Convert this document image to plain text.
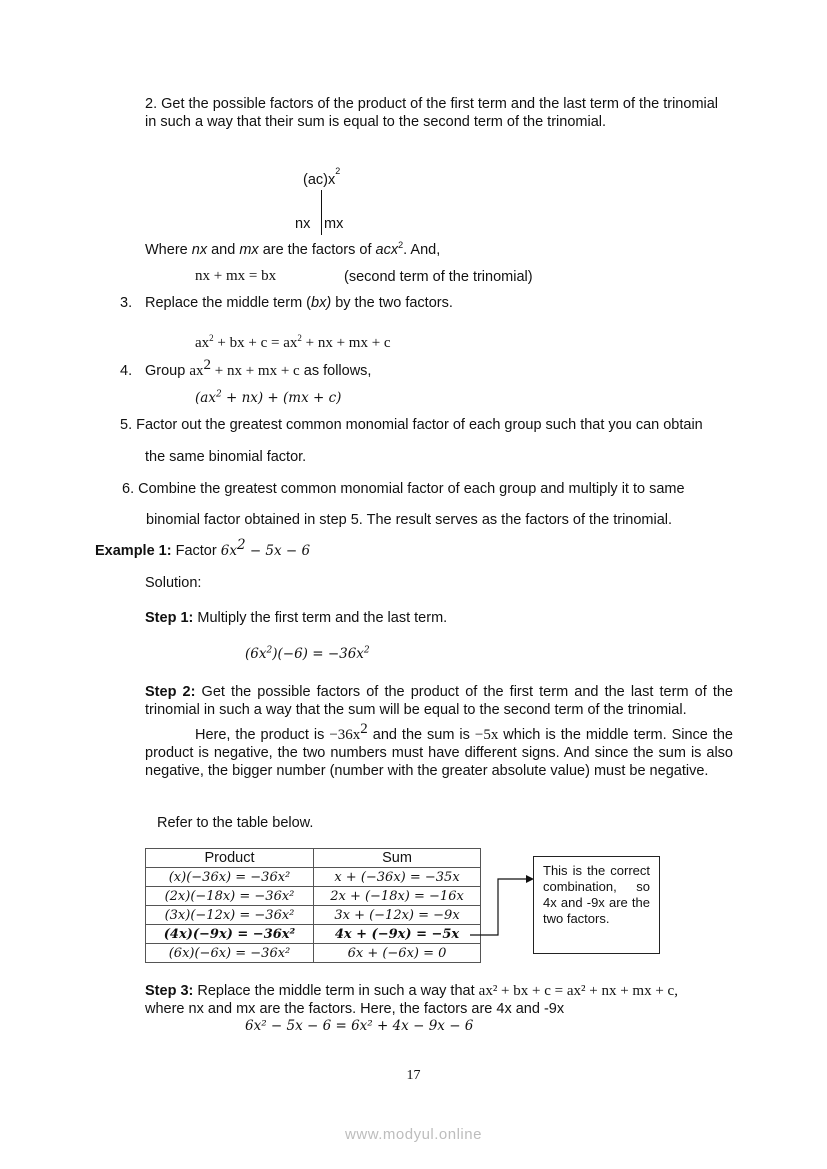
2. Get the possible factors of the product of the first term and the last term of the trinomial
in such a way that their sum is equal to the second term of the trinomial.
$(ac)x^2$
nx mx
Where nx and mx are the factors of acx$^2$. And,
nx + mx = bx	(second term of the trinomial)
3. Replace the middle term (bx) by the two factors.
$ax^2$ + bx + $c = ax^2$ + nx + mx + c
4. Group $ax^2$ + nx + mx + c as follows,
$(ax^2 + nx) + (mx + c)$
5. Factor out the greatest common monomial factor of each group such that you can obtain
the same binomial factor.
6. Combine the greatest common monomial factor of each group and multiply it to same
binomial factor obtained in step 5. The result serves as the factors of the trinomial.
Example 1: Factor $6x^2 - 5x - 6$
Solution:
Step 1: Multiply the first term and the last term.
$(6x^2)(-6) = -36x^2$
Step 2: Get the possible factors of the product of the first term and the last term of the trinomial in such a way that the sum will be equal to the second term of the trinomial.
Here, the product is $-36x^2$ and the sum is −5x which is the middle term. Since the product is negative, the two numbers must have different signs. And since the sum is also negative, the bigger number (number with the greater absolute value) must be negative.
Refer to the table below.
Product	Sum
(x)(−36x) = −36x²	x + (−36x) = −35x
(2x)(−18x) = −36x²	2x + (−18x) = −16x
(3x)(−12x) = −36x²	3x + (−12x) = −9x
(4x)(−9x) = −36x²	4x + (−9x) = −5x
(6x)(−6x) = −36x²	6x + (−6x) = 0
This is the correct combination, so 4x and -9x are the two factors.
Step 3: Replace the middle term in such a way that ax² + bx + c = ax² + nx + mx + c,
where nx and mx are the factors. Here, the factors are 4x and -9x
6x² − 5x − 6 = 6x² + 4x − 9x − 6
17
www.modyul.online
